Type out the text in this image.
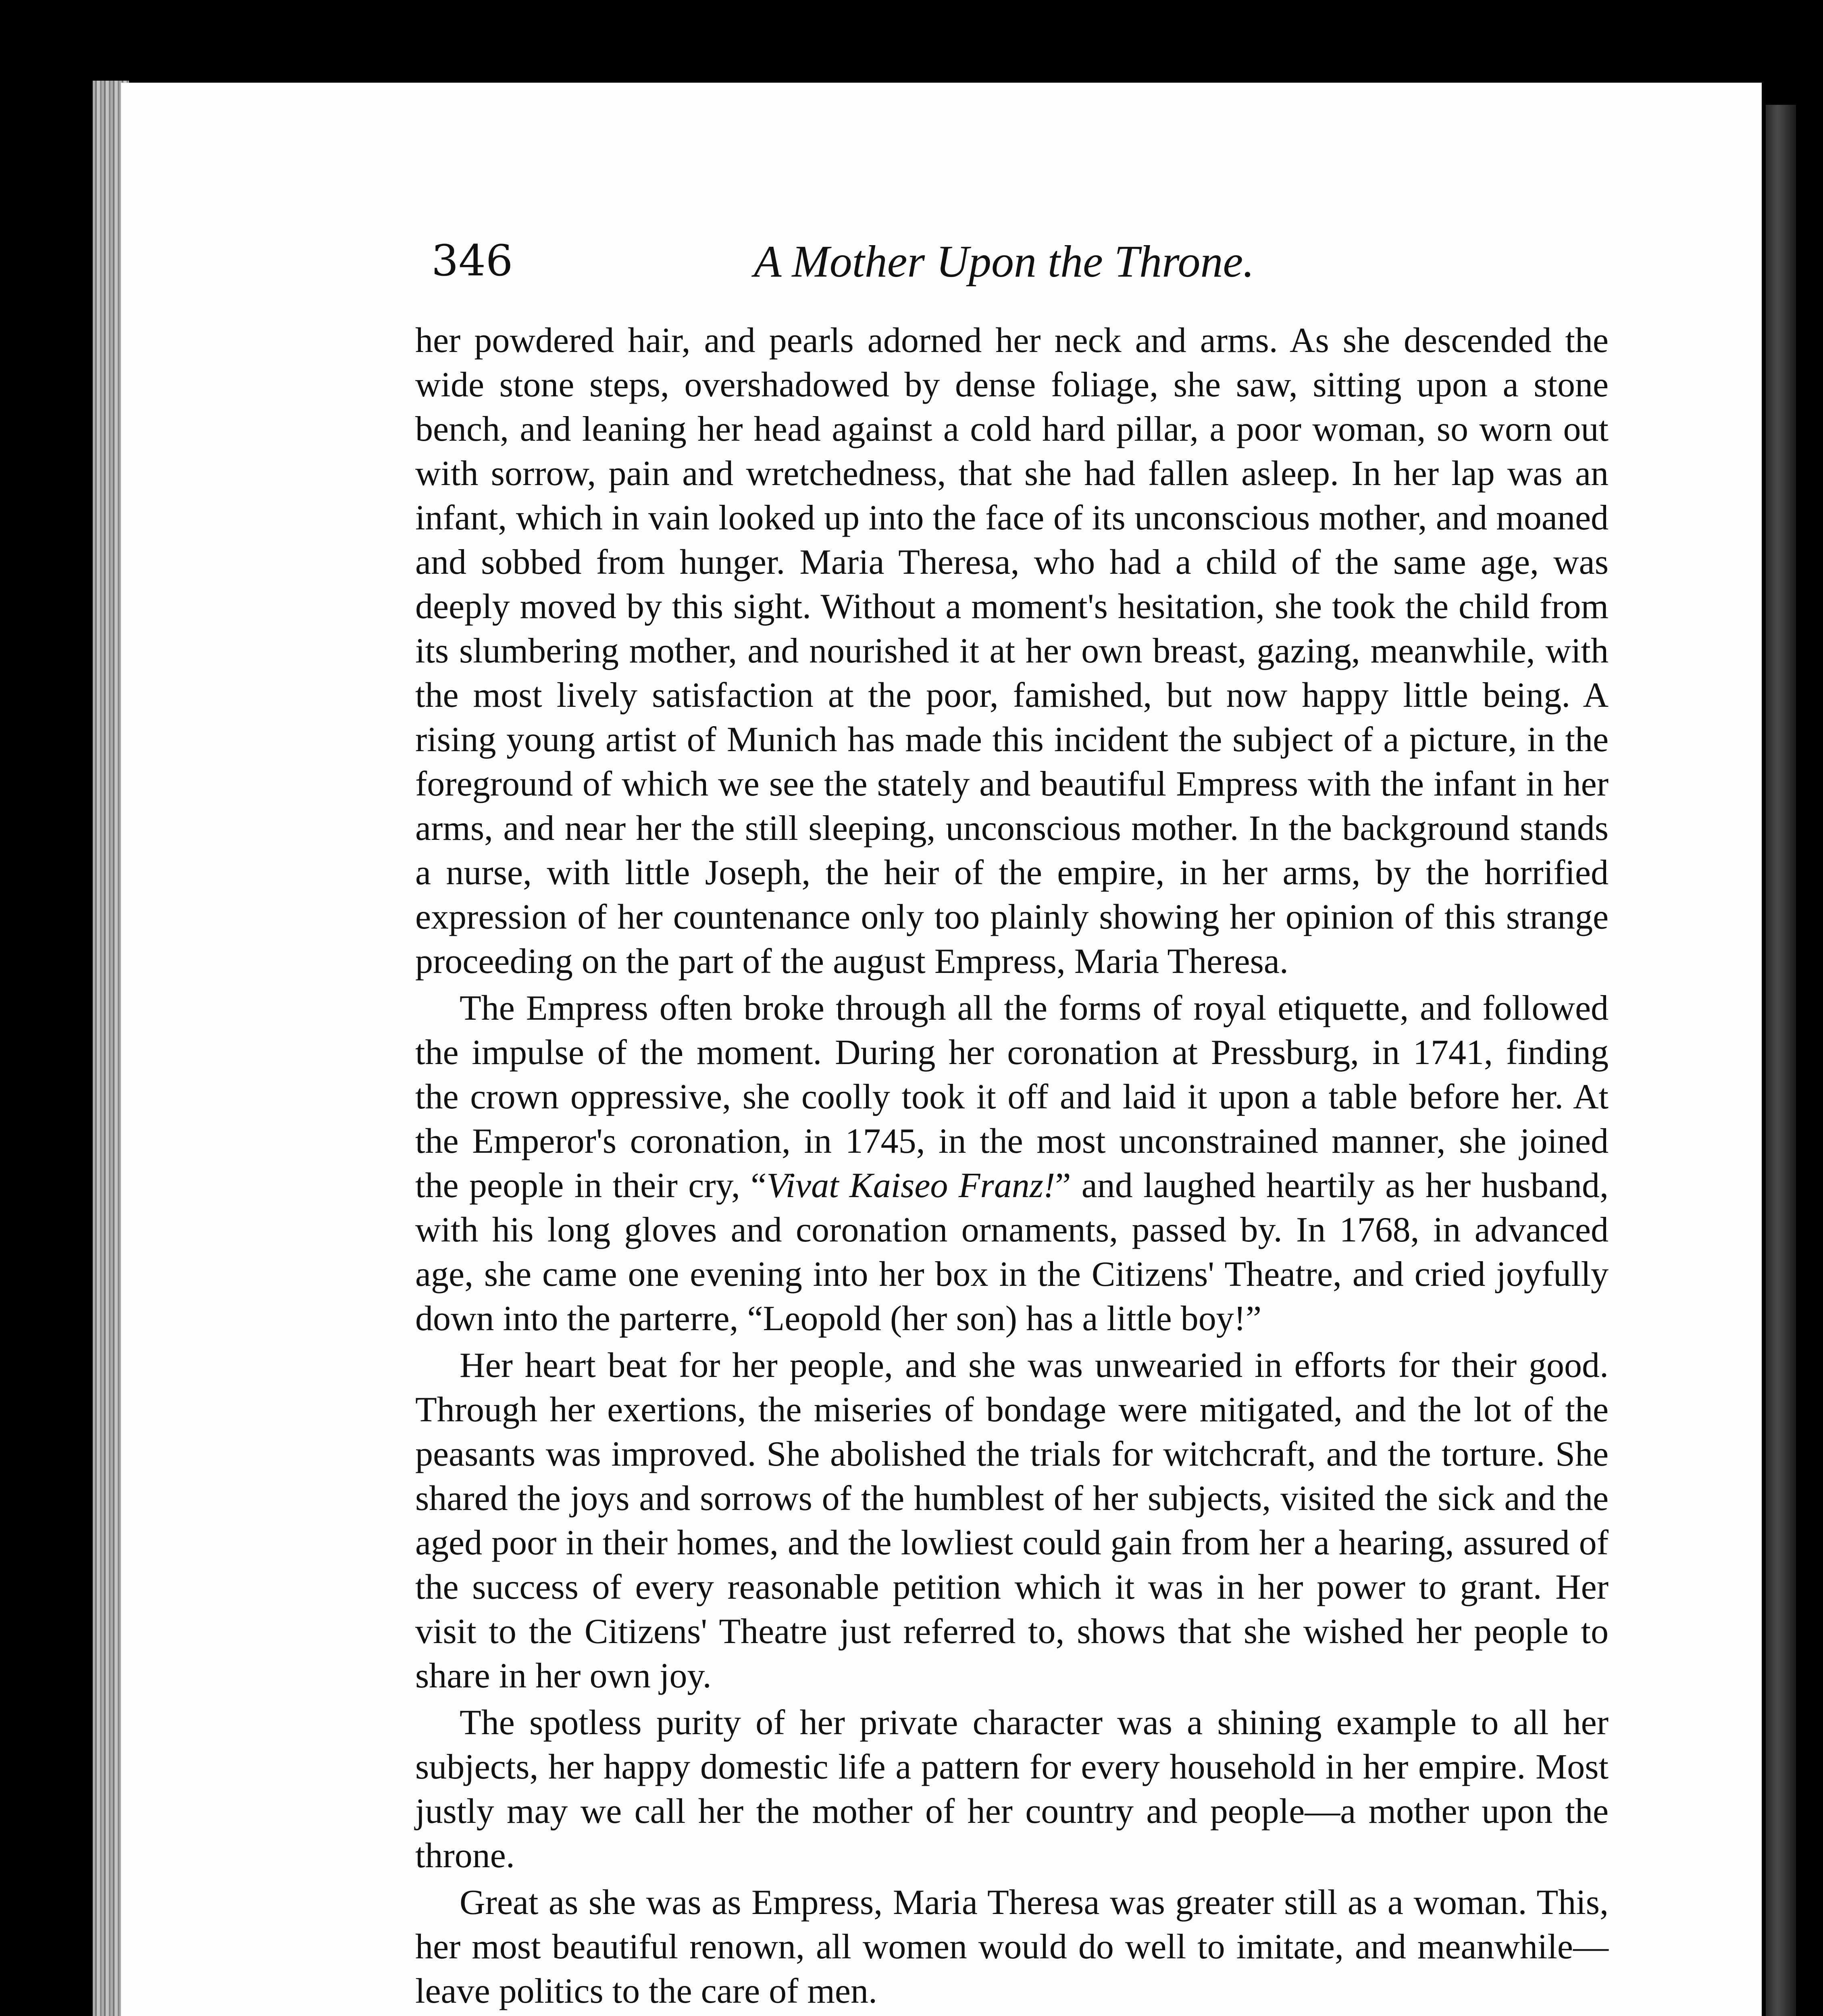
346	A Mother Upon the Throne.

her powdered hair, and pearls adorned her neck and arms. As she descended the wide stone steps, overshadowed by dense foliage, she saw, sitting upon a stone bench, and leaning her head against a cold hard pillar, a poor woman, so worn out with sorrow, pain and wretchedness, that she had fallen asleep. In her lap was an infant, which in vain looked up into the face of its unconscious mother, and moaned and sobbed from hunger. Maria Theresa, who had a child of the same age, was deeply moved by this sight. Without a moment's hesitation, she took the child from its slumbering mother, and nourished it at her own breast, gazing, meanwhile, with the most lively satisfaction at the poor, famished, but now happy little being. A rising young artist of Munich has made this incident the subject of a picture, in the foreground of which we see the stately and beautiful Empress with the infant in her arms, and near her the still sleeping, unconscious mother. In the background stands a nurse, with little Joseph, the heir of the empire, in her arms, by the horrified expression of her countenance only too plainly showing her opinion of this strange proceeding on the part of the august Empress, Maria Theresa.

The Empress often broke through all the forms of royal etiquette, and followed the impulse of the moment. During her coronation at Pressburg, in 1741, finding the crown oppressive, she coolly took it off and laid it upon a table before her. At the Emperor's coronation, in 1745, in the most unconstrained manner, she joined the people in their cry, “Vivat Kaiseo Franz!” and laughed heartily as her husband, with his long gloves and coronation ornaments, passed by. In 1768, in advanced age, she came one evening into her box in the Citizens' Theatre, and cried joyfully down into the parterre, “Leopold (her son) has a little boy!”

Her heart beat for her people, and she was unwearied in efforts for their good. Through her exertions, the miseries of bondage were mitigated, and the lot of the peasants was improved. She abolished the trials for witchcraft, and the torture. She shared the joys and sorrows of the humblest of her subjects, visited the sick and the aged poor in their homes, and the lowliest could gain from her a hearing, assured of the success of every reasonable petition which it was in her power to grant. Her visit to the Citizens' Theatre just referred to, shows that she wished her people to share in her own joy.

The spotless purity of her private character was a shining example to all her subjects, her happy domestic life a pattern for every household in her empire. Most justly may we call her the mother of her country and people—a mother upon the throne.

Great as she was as Empress, Maria Theresa was greater still as a woman. This, her most beautiful renown, all women would do well to imitate, and meanwhile—leave politics to the care of men.
